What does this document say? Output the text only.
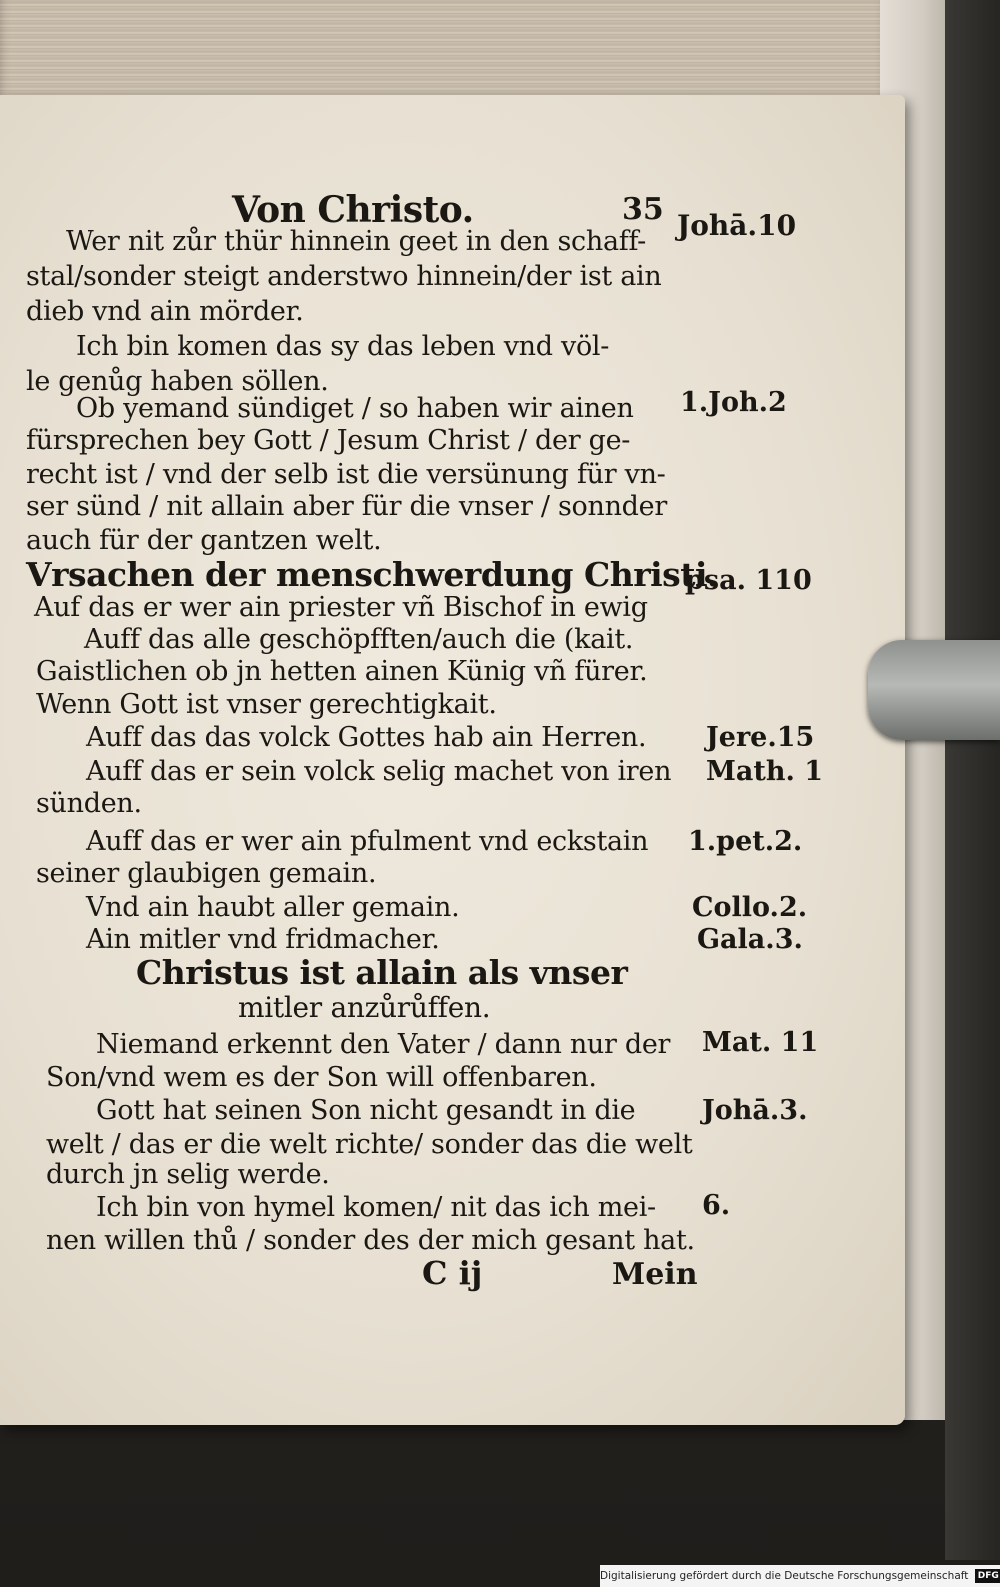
Von Christo.	35 Johā.10
Wer nit zůr thür hinnein geet in den schaff-
stal/sonder steigt anderstwo hinnein/der ist ain
dieb vnd ain mörder.
Ich bin komen das sy das leben vnd völ-
le genůg haben söllen.
Ob yemand sündiget / so haben wir ainen 1.Joh.2
fürsprechen bey Gott / Jesum Christ / der ge-
recht ist / vnd der selb ist die versünung für vn-
ser sünd / nit allain aber für die vnser / sonnder
auch für der gantzen welt.
Vrsachen der menschwerdung Christi.
psa. 110
Auf das er wer ain priester vñ Bischof in ewig
Auff das alle geschöpfften/auch die (kait.
Gaistlichen ob jn hetten ainen Künig vñ fürer.
Wenn Gott ist vnser gerechtigkait.
Auff das das volck Gottes hab ain Herren. Jere.15
Auff das er sein volck selig machet von iren Math. 1
sünden.
Auff das er wer ain pfulment vnd eckstain 1.pet.2.
seiner glaubigen gemain.
Vnd ain haubt aller gemain.	Collo.2.
Ain mitler vnd fridmacher.	Gala.3.
Christus ist allain als vnser
mitler anzůrůffen.
Niemand erkennt den Vater / dann nur der Mat. 11
Son/vnd wem es der Son will offenbaren.
Gott hat seinen Son nicht gesandt in die Johā.3.
welt / das er die welt richte/ sonder das die welt
durch jn selig werde.
Ich bin von hymel komen/ nit das ich mei- 6.
nen willen thů / sonder des der mich gesant hat.
C ij	Mein
Digitalisierung gefördert durch die Deutsche Forschungsgemeinschaft DFG
